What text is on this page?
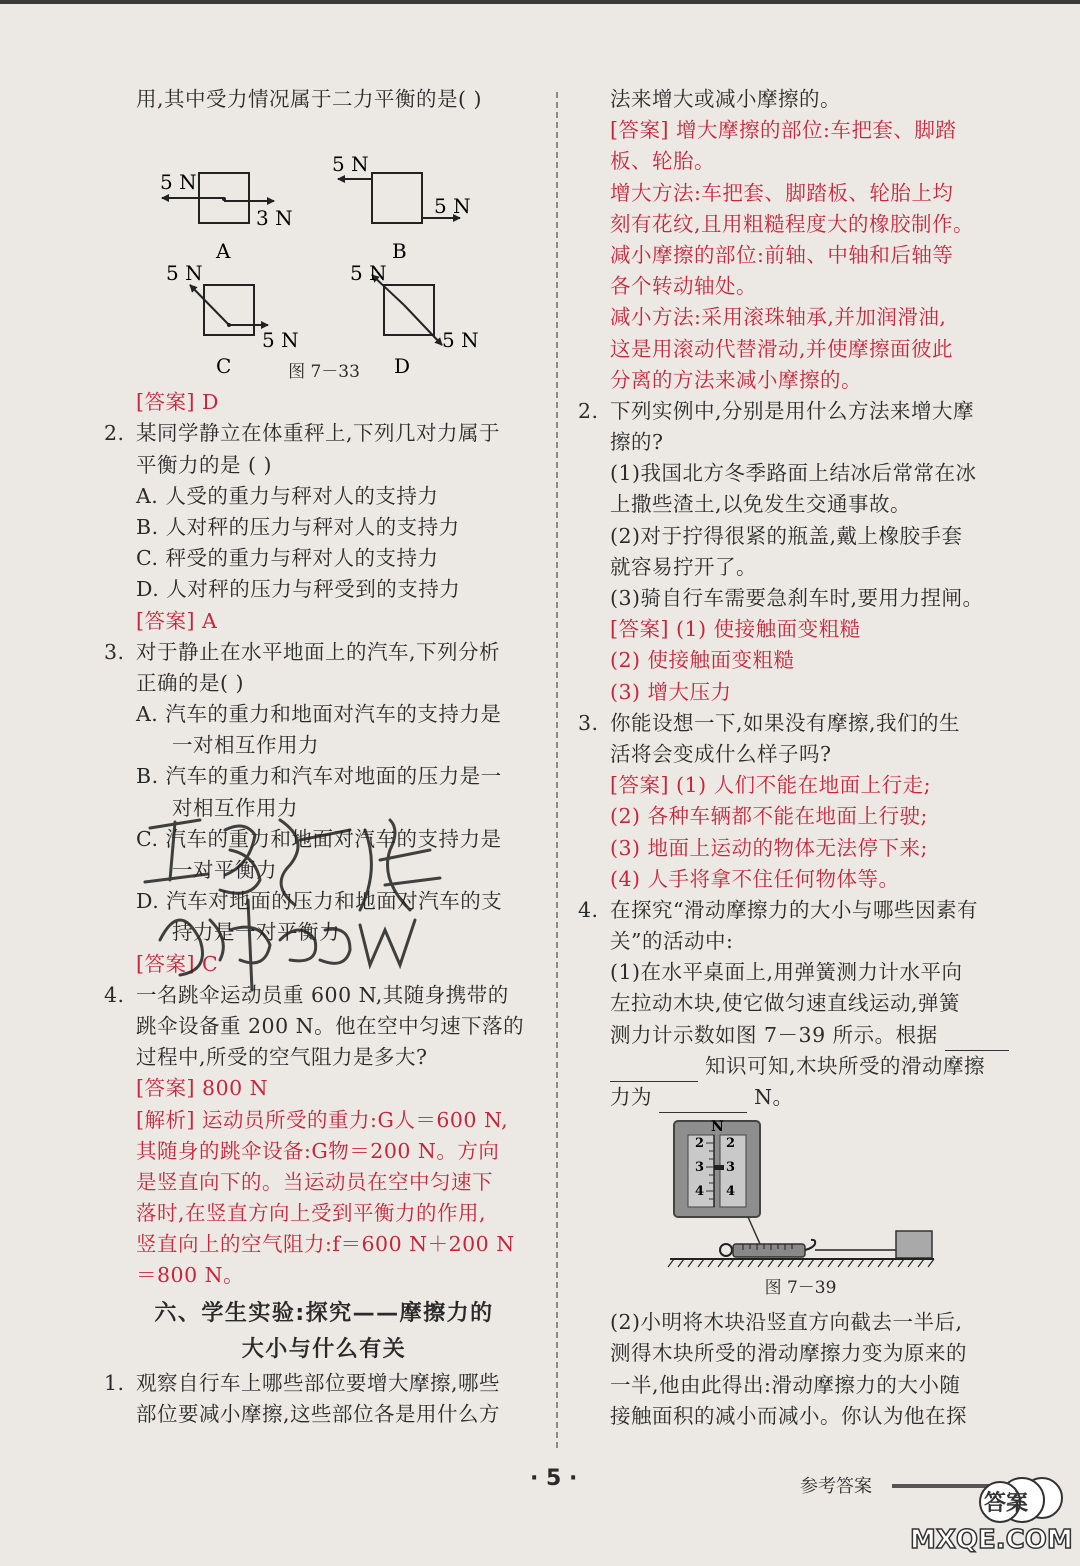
用,其中受力情况属于二力平衡的是( )
5 N
3 N
A
5 N
5 N
B
5 N
5 N
C
5 N
5 N
D
图 7－33
[答案] D
2. 某同学静立在体重秤上,下列几对力属于
平衡力的是 ( )
A. 人受的重力与秤对人的支持力
B. 人对秤的压力与秤对人的支持力
C. 秤受的重力与秤对人的支持力
D. 人对秤的压力与秤受到的支持力
[答案] A
3. 对于静止在水平地面上的汽车,下列分析
正确的是( )
A. 汽车的重力和地面对汽车的支持力是
一对相互作用力
B. 汽车的重力和汽车对地面的压力是一
对相互作用力
C. 汽车的重力和地面对汽车的支持力是
一对平衡力
D. 汽车对地面的压力和地面对汽车的支
持力是一对平衡力
[答案] C
4. 一名跳伞运动员重 600 N,其随身携带的
跳伞设备重 200 N。他在空中匀速下落的
过程中,所受的空气阻力是多大?
[答案] 800 N
[解析] 运动员所受的重力:G人＝600 N,
其随身的跳伞设备:G物＝200 N。方向
是竖直向下的。当运动员在空中匀速下
落时,在竖直方向上受到平衡力的作用,
竖直向上的空气阻力:f＝600 N＋200 N
＝800 N。
六、学生实验:探究——摩擦力的
大小与什么有关
1. 观察自行车上哪些部位要增大摩擦,哪些
部位要减小摩擦,这些部位各是用什么方
法来增大或减小摩擦的。
[答案] 增大摩擦的部位:车把套、脚踏
板、轮胎。
增大方法:车把套、脚踏板、轮胎上均
刻有花纹,且用粗糙程度大的橡胶制作。
减小摩擦的部位:前轴、中轴和后轴等
各个转动轴处。
减小方法:采用滚珠轴承,并加润滑油,
这是用滚动代替滑动,并使摩擦面彼此
分离的方法来减小摩擦的。
2. 下列实例中,分别是用什么方法来增大摩
擦的?
(1)我国北方冬季路面上结冰后常常在冰
上撒些渣土,以免发生交通事故。
(2)对于拧得很紧的瓶盖,戴上橡胶手套
就容易拧开了。
(3)骑自行车需要急刹车时,要用力捏闸。
[答案] (1) 使接触面变粗糙
(2) 使接触面变粗糙
(3) 增大压力
3. 你能设想一下,如果没有摩擦,我们的生
活将会变成什么样子吗?
[答案] (1) 人们不能在地面上行走;
(2) 各种车辆都不能在地面上行驶;
(3) 地面上运动的物体无法停下来;
(4) 人手将拿不住任何物体等。
4. 在探究“滑动摩擦力的大小与哪些因素有
关”的活动中:
(1)在水平桌面上,用弹簧测力计水平向
左拉动木块,使它做匀速直线运动,弹簧
测力计示数如图 7－39 所示。根据
知识可知,木块所受的滑动摩擦
力为	N。
2
3
4
2
3
4
N
图 7－39
(2)小明将木块沿竖直方向截去一半后,
测得木块所受的滑动摩擦力变为原来的
一半,他由此得出:滑动摩擦力的大小随
接触面积的减小而减小。你认为他在探
· 5 ·	参考答案
答案
MXQE.COM
